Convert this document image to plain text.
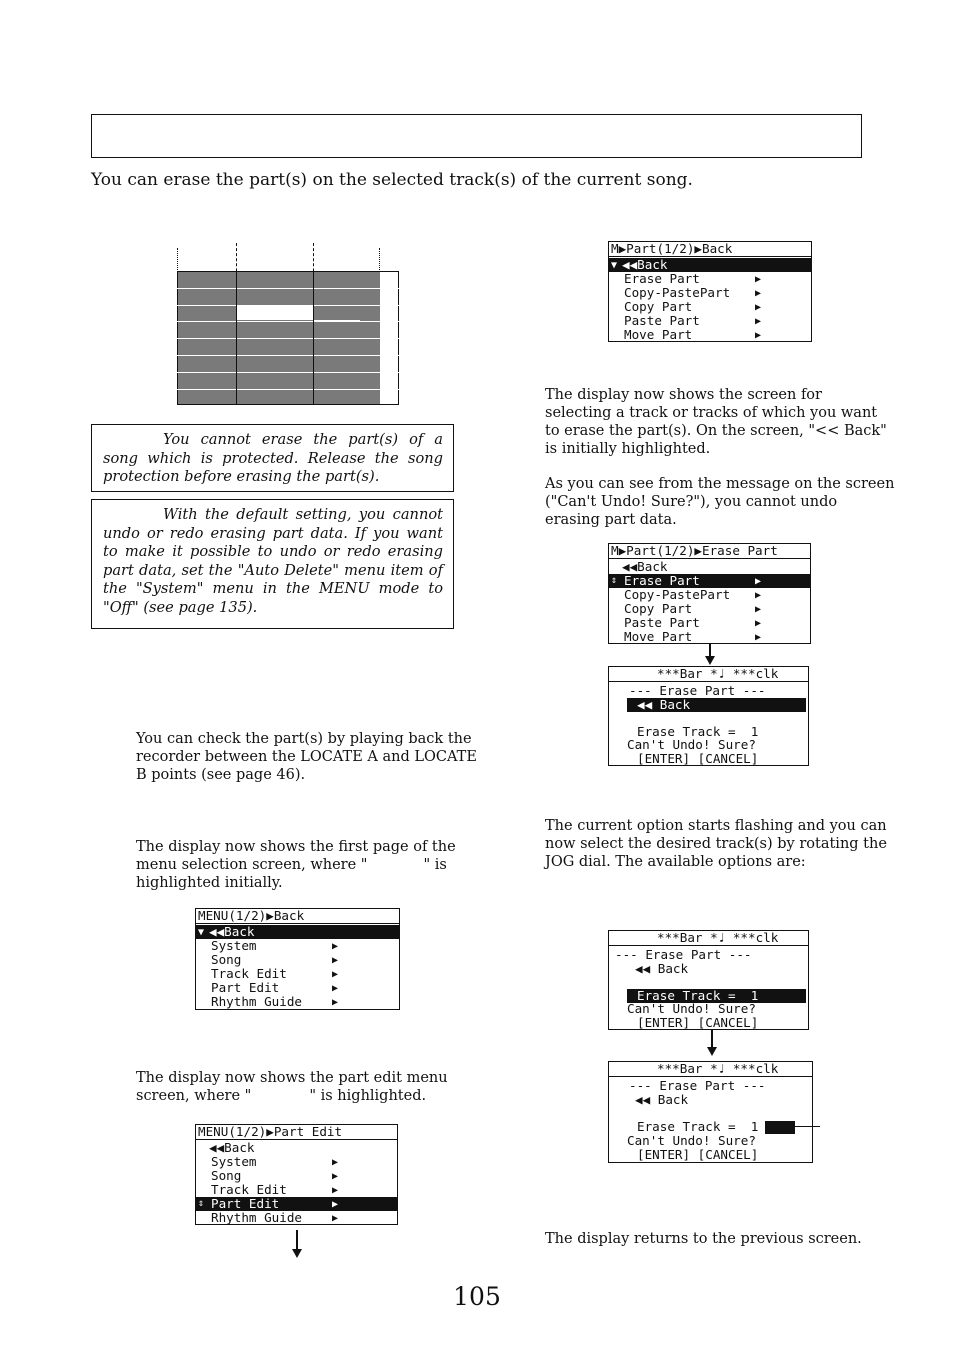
You can erase the part(s) on the selected track(s) of the current song.
You cannot erase the part(s) of a song which is protected. Release the song protection before erasing the part(s).
With the default setting, you cannot undo or redo erasing part data. If you want to make it possible to undo or redo erasing part data, set the "Auto Delete" menu item of the "System" menu in the MENU mode to "Off" (see page 135).
You can check the part(s) by playing back the
recorder between the LOCATE A and LOCATE
B points (see page 46).
The display now shows the first page of the
menu selection screen, where "	" is
highlighted initially.
MENU(1/2)▶Back
▼ ◀◀Back
System	▶
Song	▶
Track Edit	▶
Part Edit	▶
Rhythm Guide	▶
The display now shows the part edit menu
screen, where "	" is highlighted.
MENU(1/2)▶Part Edit
◀◀Back
System	▶
Song	▶
Track Edit	▶
⇕ Part Edit	▶
Rhythm Guide	▶
M▶Part(1/2)▶Back
▼ ◀◀Back
Erase Part	▶
Copy-PastePart ▶
Copy Part	▶
Paste Part	▶
Move Part	▶
The display now shows the screen for
selecting a track or tracks of which you want
to erase the part(s). On the screen, "<< Back"
is initially highlighted.
As you can see from the message on the screen
("Can't Undo! Sure?"), you cannot undo
erasing part data.
M▶Part(1/2)▶Erase Part
◀◀Back
⇕ Erase Part	▶
Copy-PastePart ▶
Copy Part	▶
Paste Part	▶
Move Part	▶
***Bar *♩ ***clk
--- Erase Part ---
◀◀ Back
Erase Track =  1
Can't Undo! Sure?
[ENTER] [CANCEL]
The current option starts flashing and you can
now select the desired track(s) by rotating the
JOG dial. The available options are:
***Bar *♩ ***clk
--- Erase Part ---
◀◀ Back
Erase Track =  1
Can't Undo! Sure?
[ENTER] [CANCEL]
***Bar *♩ ***clk
--- Erase Part ---
◀◀ Back
Erase Track =  1
Can't Undo! Sure?
[ENTER] [CANCEL]
The display returns to the previous screen.
105
